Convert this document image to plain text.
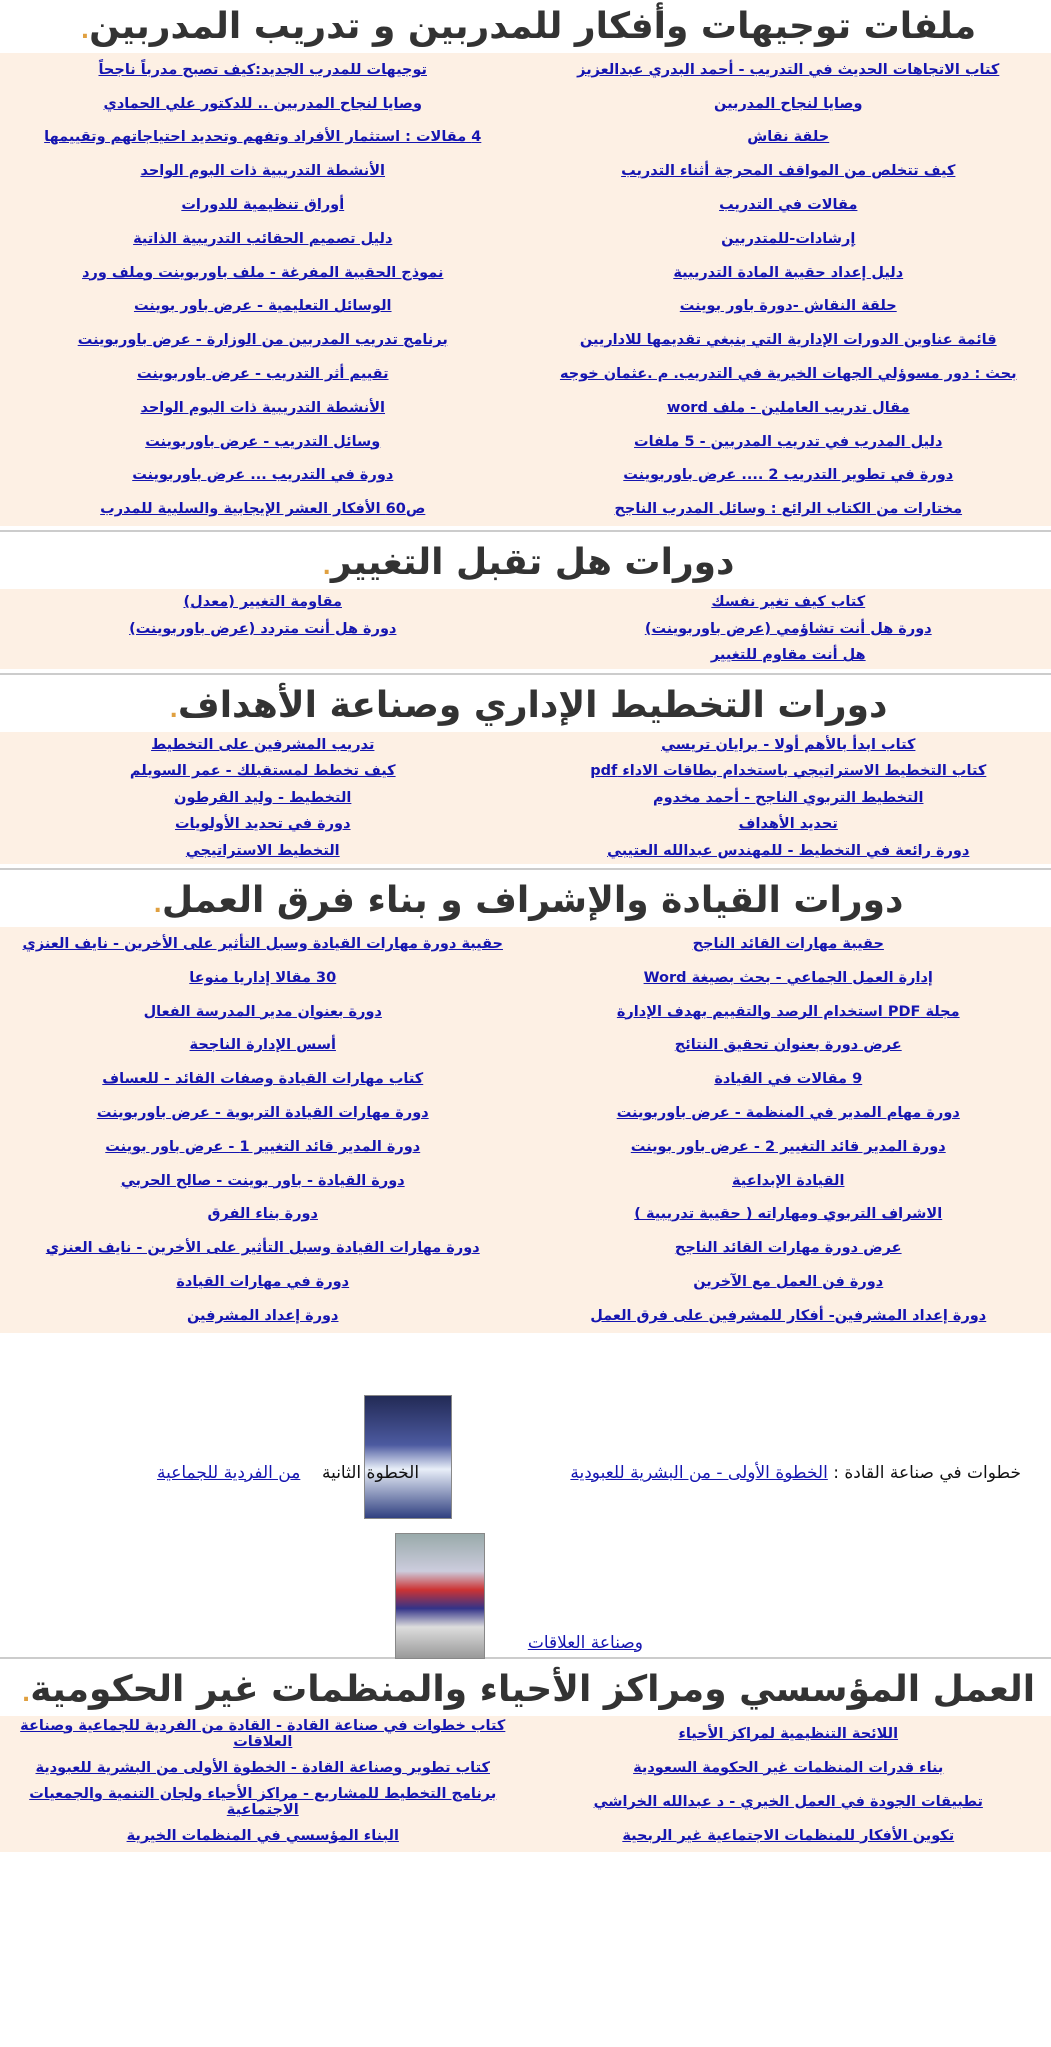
ملفات توجيهات وأفكار للمدربين و تدريب المدربين.
كتاب الاتجاهات الحديث في التدريب - أحمد البدري عبدالعزيز
توجيهات للمدرب الجديد:كيف تصبح مدرباً ناجحاً
وصايا لنجاح المدربين
وصايا لنجاح المدربين .. للدكتور علي الحمادي
حلقة نقاش
4 مقالات : استثمار الأفراد وتفهم وتحديد احتياجاتهم وتقييمها
كيف تتخلص من المواقف المحرجة أثناء التدريب
الأنشطة التدريبية ذات البوم الواحد
مقالات في التدريب
أوراق تنظيمية للدورات
إرشادات-للمتدربين
دليل تصميم الحقائب التدريبية الذاتية
دليل إعداد حقيبة المادة التدريبية
نموذج الحقيبة المفرغة - ملف باوربوينت وملف ورد
حلقة النقاش -دورة باور بوينت
الوسائل التعليمية - عرض باور بوينت
قائمة عناوين الدورات الإدارية التي ينبغي تقديمها للاداريين
برنامج تدريب المدربين من الوزارة - عرض باوربوينت
بحث : دور مسوؤلي الجهات الخيرية في التدريب. م .عثمان خوجه
تقييم أثر التدريب - عرض باوربوينت
مقال تدريب العاملين - ملف word
الأنشطة التدريبية ذات البوم الواحد
دليل المدرب في تدريب المدربين - 5 ملفات
وسائل التدريب - عرض باوربوينت
دورة في تطوير التدريب 2 .... عرض باوربوينت
دورة في التدريب ... عرض باوربوينت
مختارات من الكتاب الرائع : وسائل المدرب الناجح
ص60 الأفكار العشر الإيجابية والسلبية للمدرب
دورات هل تقبل التغيير.
كتاب كيف تغير نفسك
مقاومة التغيير (معدل)
دورة هل أنت تشاؤمي (عرض باوربوينت)
دورة هل أنت متردد (عرض باوربوينت)
هل أنت مقاوم للتغيير
دورات التخطيط الإداري وصناعة الأهداف.
كتاب ابدأ بالأهم أولا - برايان تريسي
تدريب المشرفين على التخطيط
كتاب التخطيط الاستراتيجي باستخدام بطاقات الاداء pdf
كيف تخطط لمستقبلك - عمر السويلم
التخطيط التربوي الناجح - أحمد مخدوم
التخطيط - وليد القرطون
تحديد الأهداف
دورة في تحديد الأولويات
دورة رائعة في التخطيط - للمهندس عبدالله العتيبي
التخطيط الاستراتيجي
دورات القيادة والإشراف و بناء فرق العمل.
حقيبة مهارات القائد الناجح
حقيبة دورة مهارات القيادة وسبل التأثير على الأخرين - نايف العنزي
إدارة العمل الجماعي - بحث بصيغة Word
30 مقالا إداريا منوعا
مجلة PDF استخدام الرصد والتقييم بهدف الإدارة
دورة بعنوان مدير المدرسة الفعال
عرض دورة بعنوان تحقيق النتائج
أسس الإدارة الناجحة
9 مقالات في القيادة
كتاب مهارات القيادة وصفات القائد - للعساف
دورة مهام المدير في المنظمة - عرض باوربوينت
دورة مهارات القيادة التربوية - عرض باوربوينت
دورة المدير قائد التغيير 2 - عرض باور بوينت
دورة المدير قائد التغيير 1 - عرض باور بوينت
القيادة الإبداعية
دورة القيادة - باور بوينت - صالح الحربي
الاشراف التربوي ومهاراته ( حقيبة تدريبية )
دورة بناء الفرق
عرض دورة مهارات القائد الناجح
دورة مهارات القيادة وسبل التأثير على الأخرين - نايف العنزي
دورة فن العمل مع الآخرين
دورة في مهارات القيادة
دورة إعداد المشرفين- أفكار للمشرفين على فرق العمل
دورة إعداد المشرفين
خطوات في صناعة القادة : الخطوة الأولى - من البشرية للعبودية                            الخطوة الثانية    من الفردية للجماعية
وصناعة العلاقات
العمل المؤسسي ومراكز الأحياء والمنظمات غير الحكومية.
اللائحة التنظيمية لمراكز الأحياء
كتاب خطوات في صناعة القادة - القادة من الفردية للجماعية وصناعة العلاقات
بناء قدرات المنظمات غير الحكومة السعودية
كتاب تطوير وصناعة القادة - الخطوة الأولى من البشرية للعبودية
تطبيقات الجودة في العمل الخيري - د عبدالله الخراشي
برنامج التخطيط للمشاريع - مراكز الأحياء ولجان التنمية والجمعيات الاجتماعية
تكوين الأفكار للمنظمات الاجتماعية غير الربحية
البناء المؤسسي في المنظمات الخيرية
